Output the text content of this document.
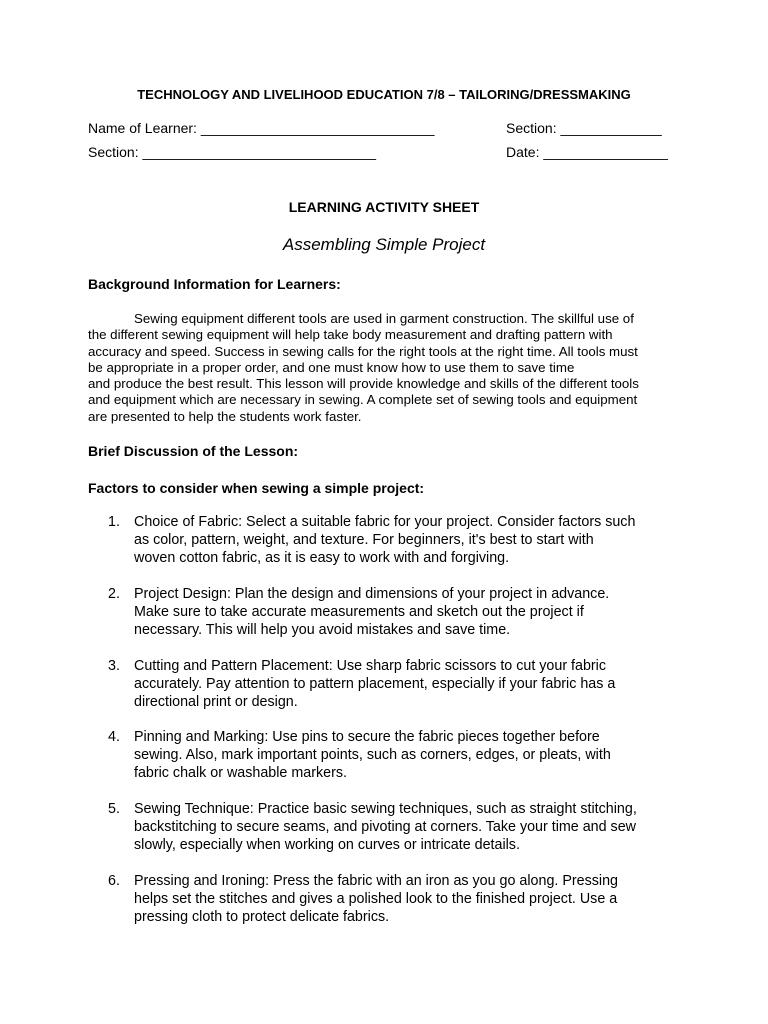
TECHNOLOGY AND LIVELIHOOD EDUCATION 7/8 – TAILORING/DRESSMAKING
Name of Learner: ______________________________	Section: _____________
Section: ______________________________	Date: ________________
LEARNING ACTIVITY SHEET
Assembling Simple Project
Background Information for Learners:
Sewing equipment different tools are used in garment construction. The skillful use of
the different sewing equipment will help take body measurement and drafting pattern with
accuracy and speed. Success in sewing calls for the right tools at the right time. All tools must
be appropriate in a proper order, and one must know how to use them to save time
and produce the best result. This lesson will provide knowledge and skills of the different tools
and equipment which are necessary in sewing. A complete set of sewing tools and equipment
are presented to help the students work faster.
Brief Discussion of the Lesson:
Factors to consider when sewing a simple project:
1. Choice of Fabric: Select a suitable fabric for your project. Consider factors such
as color, pattern, weight, and texture. For beginners, it's best to start with
woven cotton fabric, as it is easy to work with and forgiving.
2. Project Design: Plan the design and dimensions of your project in advance.
Make sure to take accurate measurements and sketch out the project if
necessary. This will help you avoid mistakes and save time.
3. Cutting and Pattern Placement: Use sharp fabric scissors to cut your fabric
accurately. Pay attention to pattern placement, especially if your fabric has a
directional print or design.
4. Pinning and Marking: Use pins to secure the fabric pieces together before
sewing. Also, mark important points, such as corners, edges, or pleats, with
fabric chalk or washable markers.
5. Sewing Technique: Practice basic sewing techniques, such as straight stitching,
backstitching to secure seams, and pivoting at corners. Take your time and sew
slowly, especially when working on curves or intricate details.
6. Pressing and Ironing: Press the fabric with an iron as you go along. Pressing
helps set the stitches and gives a polished look to the finished project. Use a
pressing cloth to protect delicate fabrics.
